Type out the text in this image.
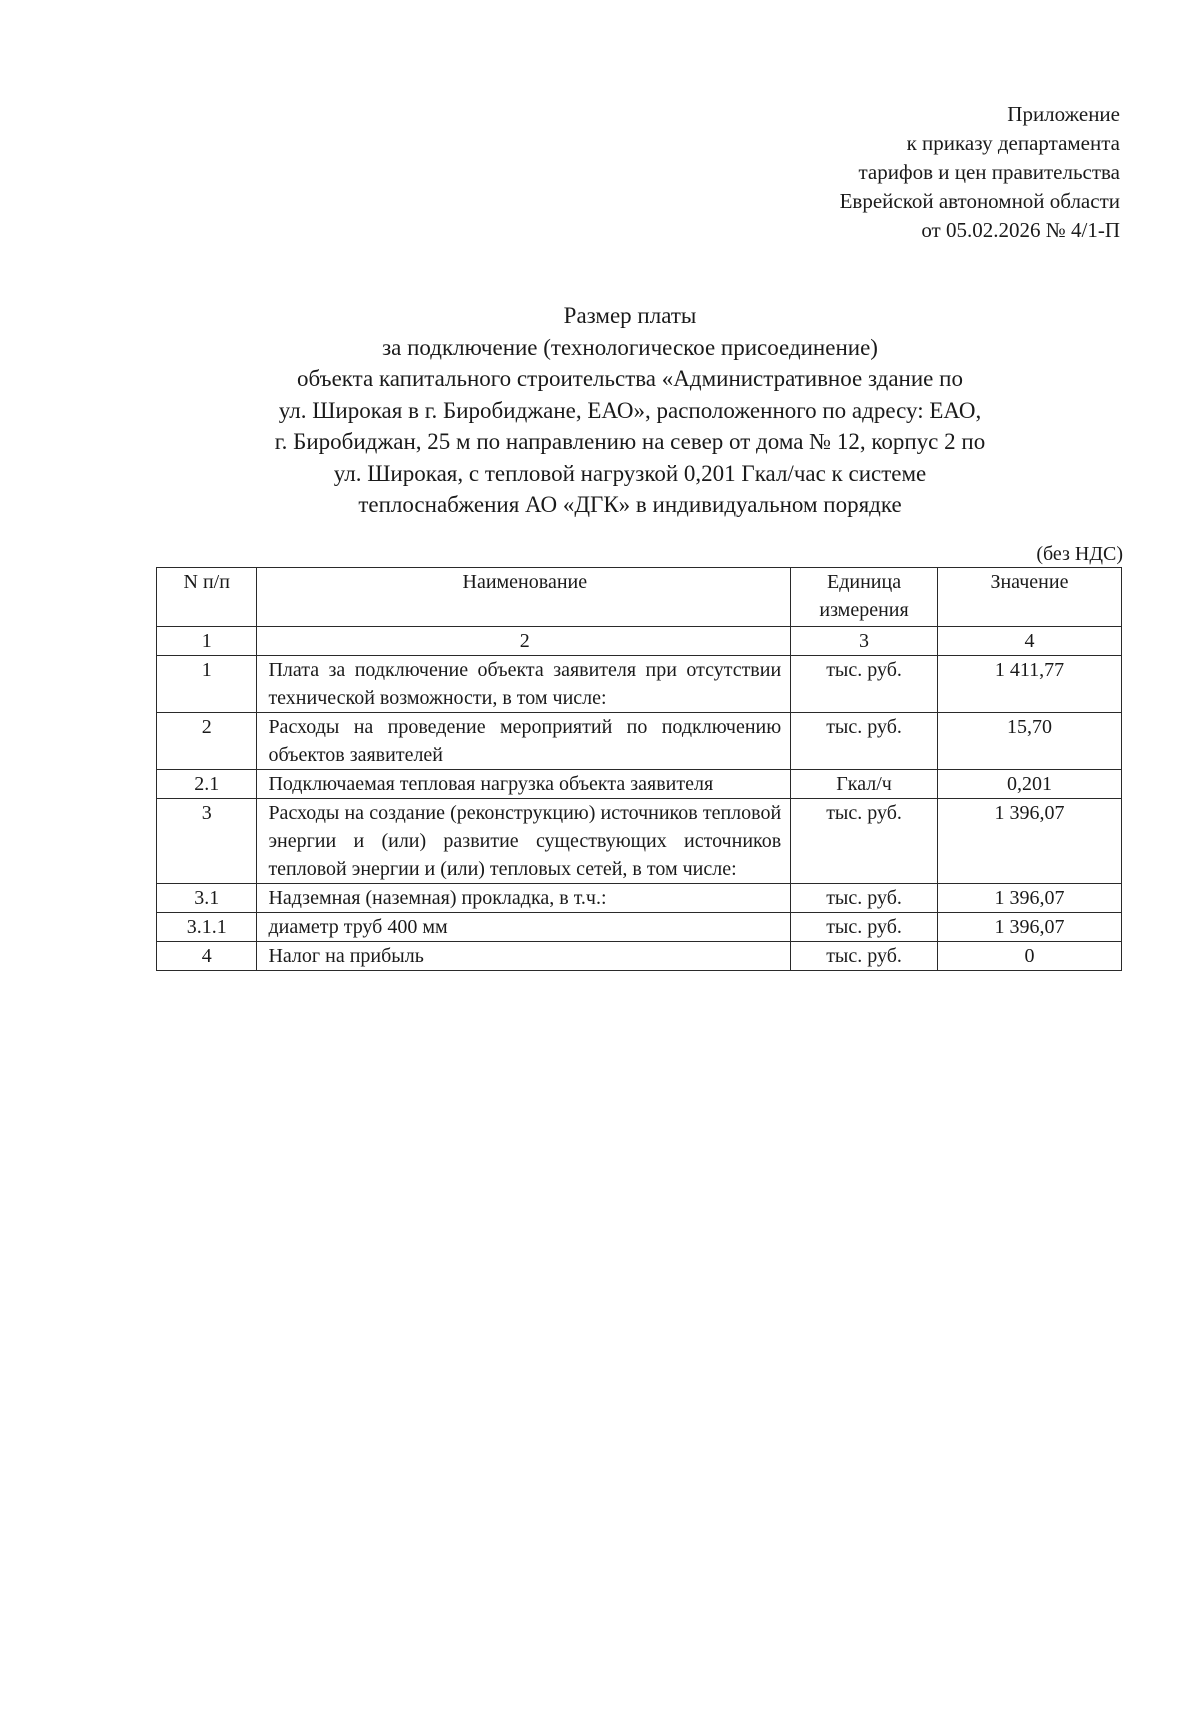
Приложение
к приказу департамента
тарифов и цен правительства
Еврейской автономной области
от 05.02.2026 № 4/1-П
Размер платы
за подключение (технологическое присоединение)
объекта капитального строительства «Административное здание по
ул. Широкая в г. Биробиджане, ЕАО», расположенного по адресу: ЕАО,
г. Биробиджан, 25 м по направлению на север от дома № 12, корпус 2 по
ул. Широкая, с тепловой нагрузкой 0,201 Гкал/час к системе
теплоснабжения АО «ДГК» в индивидуальном порядке
(без НДС)
N п/п	Наименование	Единица измерения	Значение
1	2	3	4
1	Плата за подключение объекта заявителя при отсутствии технической возможности, в том числе:	тыс. руб.	1 411,77
2	Расходы на проведение мероприятий по подключению объектов заявителей	тыс. руб.	15,70
2.1	Подключаемая тепловая нагрузка объекта заявителя	Гкал/ч	0,201
3	Расходы на создание (реконструкцию) источников тепловой энергии и (или) развитие существующих источников тепловой энергии и (или) тепловых сетей, в том числе:	тыс. руб.	1 396,07
3.1	Надземная (наземная) прокладка, в т.ч.:	тыс. руб.	1 396,07
3.1.1	диаметр труб 400 мм	тыс. руб.	1 396,07
4	Налог на прибыль	тыс. руб.	0
